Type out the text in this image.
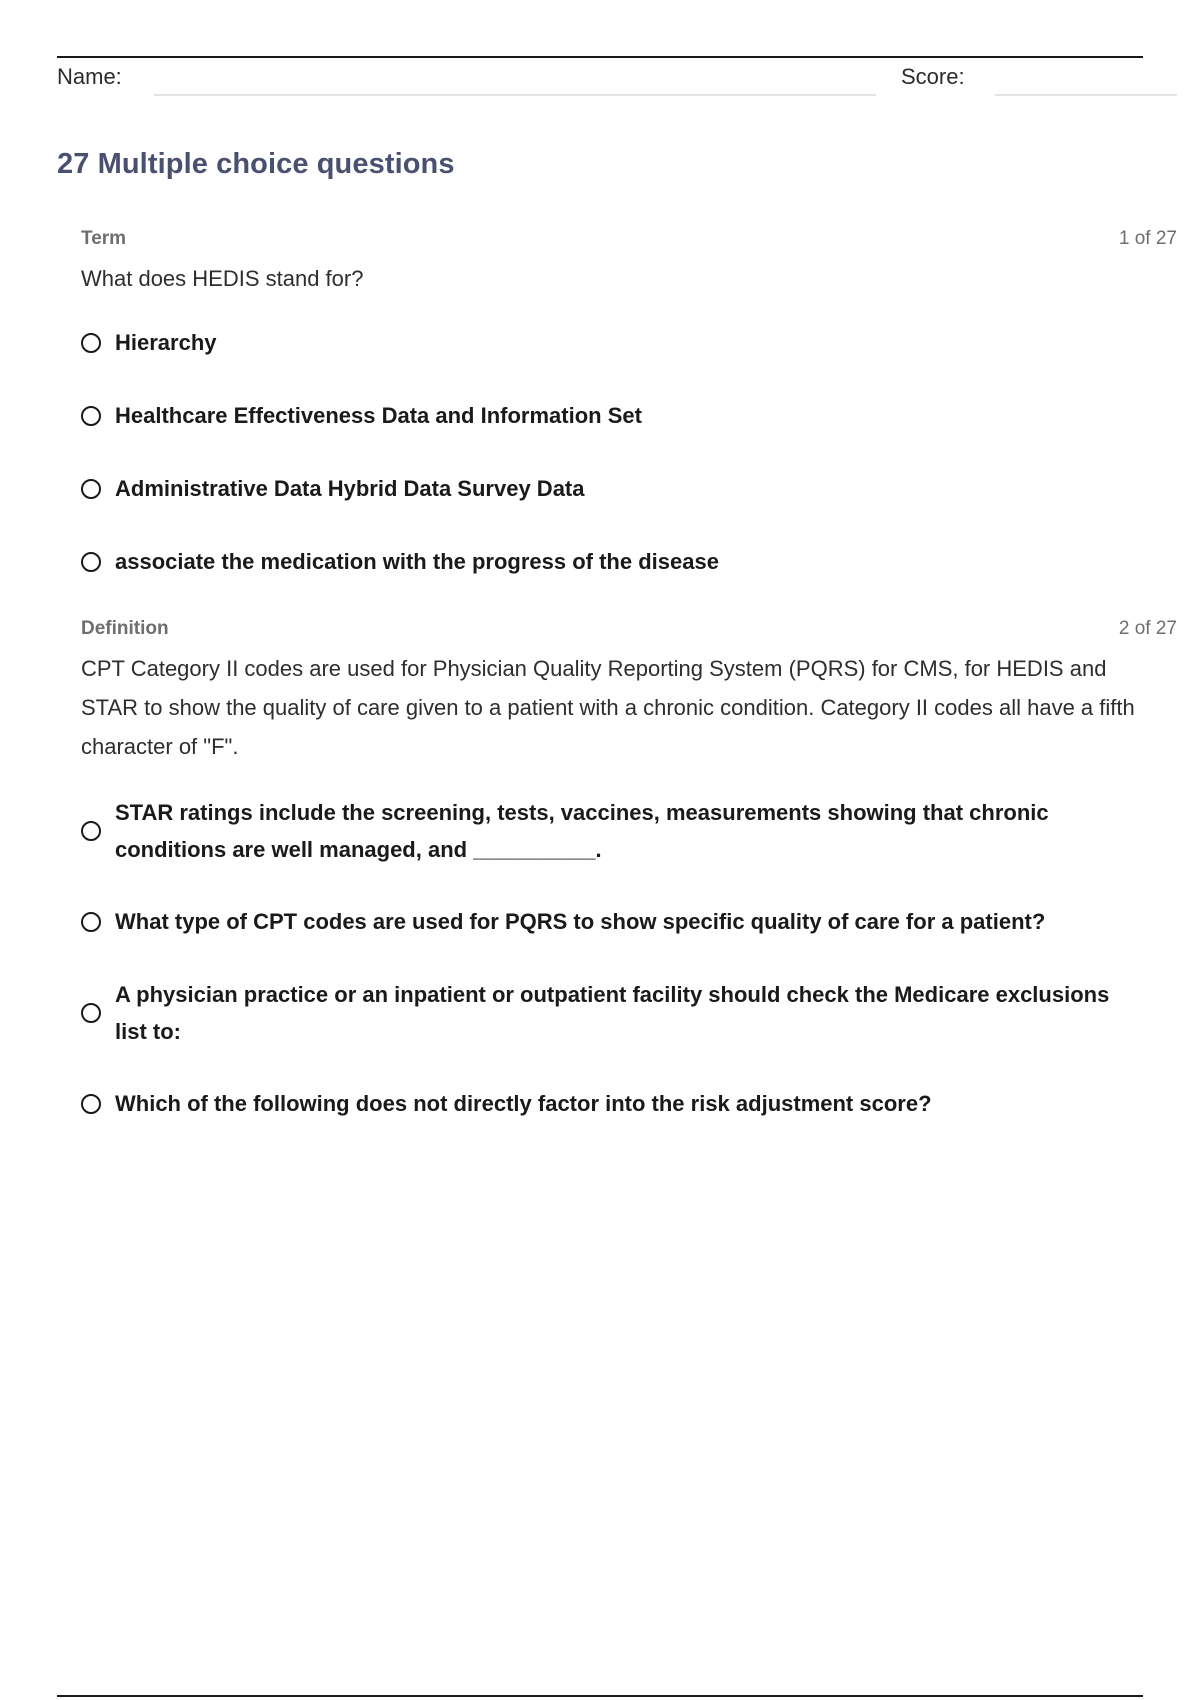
Name:	Score:
27 Multiple choice questions
Term	1 of 27
What does HEDIS stand for?
Hierarchy
Healthcare Effectiveness Data and Information Set
Administrative Data Hybrid Data Survey Data
associate the medication with the progress of the disease
Definition	2 of 27
CPT Category II codes are used for Physician Quality Reporting System (PQRS) for CMS, for HEDIS and STAR to show the quality of care given to a patient with a chronic condition. Category II codes all have a fifth character of "F".
STAR ratings include the screening, tests, vaccines, measurements showing that chronic conditions are well managed, and __________.
What type of CPT codes are used for PQRS to show specific quality of care for a patient?
A physician practice or an inpatient or outpatient facility should check the Medicare exclusions list to:
Which of the following does not directly factor into the risk adjustment score?
